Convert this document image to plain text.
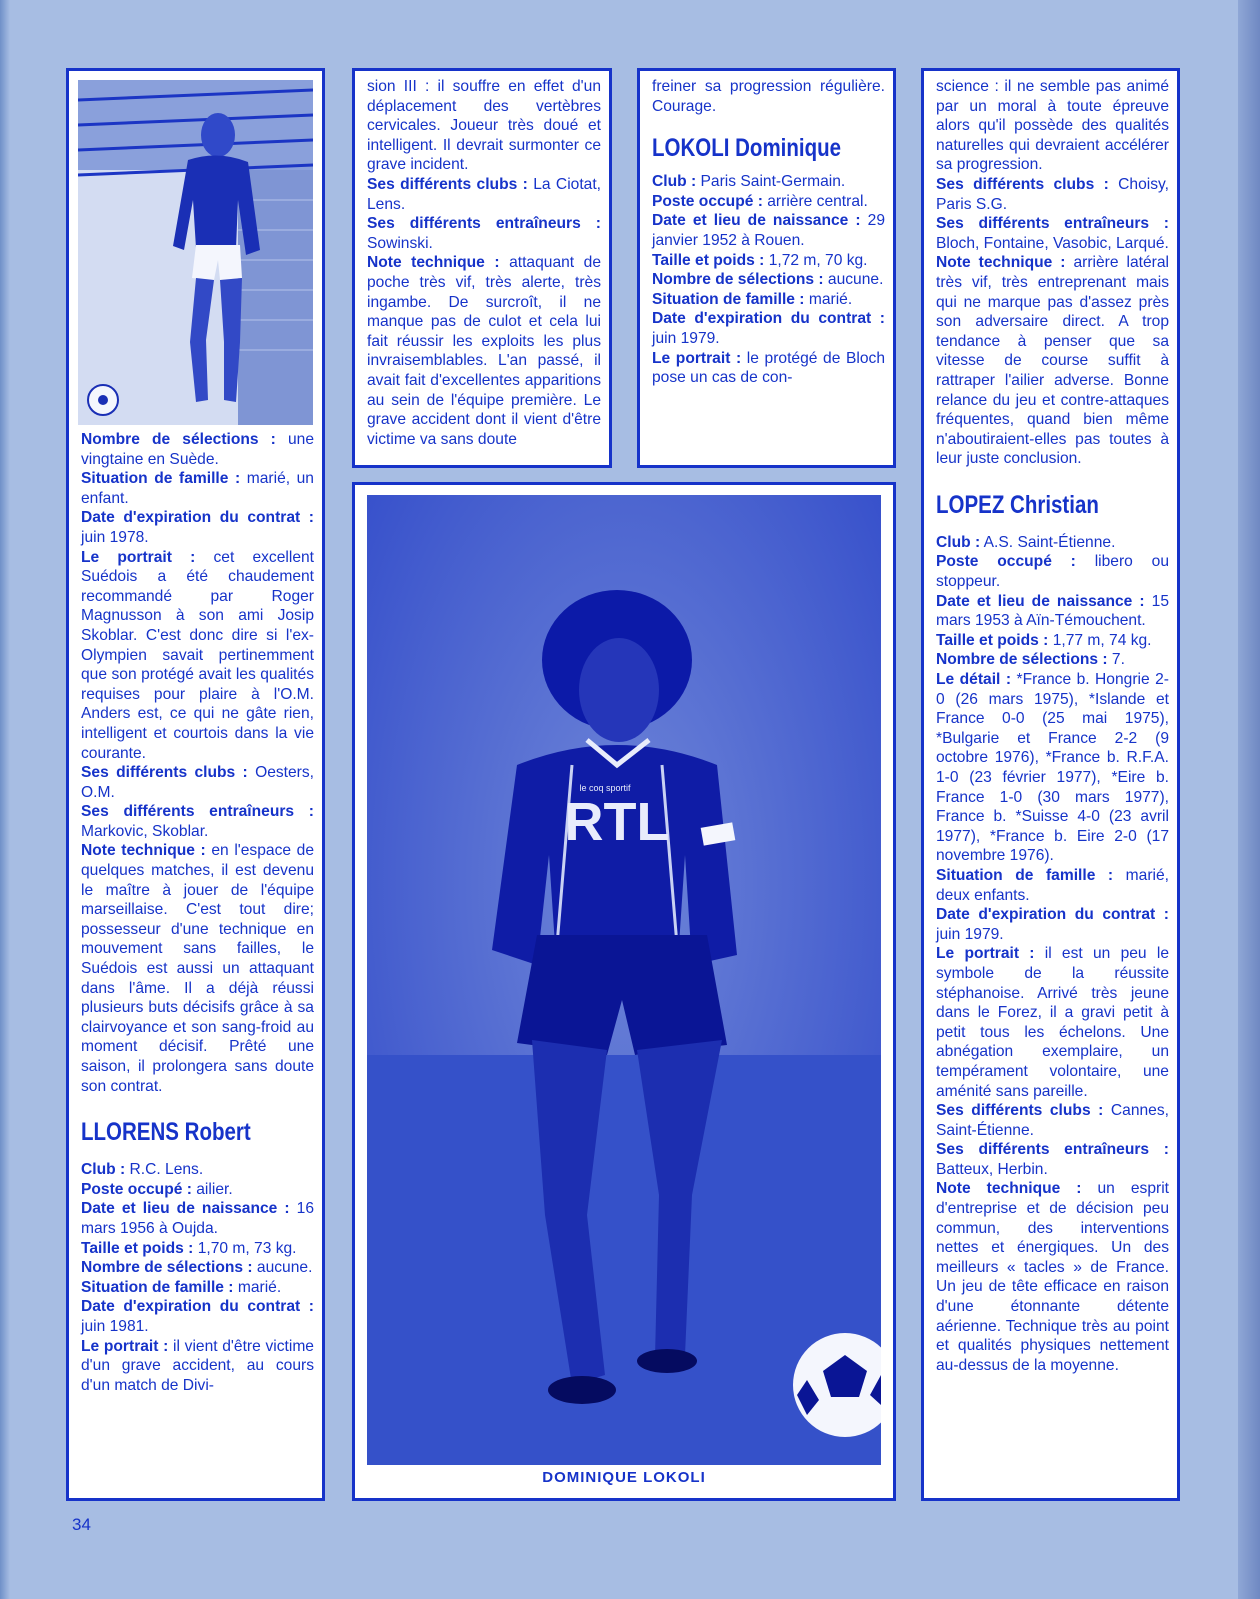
Nombre de sélections : une vingtaine en Suède.

Situation de famille : marié, un enfant.

Date d'expiration du contrat : juin 1978.

Le portrait : cet excellent Suédois a été chaudement recommandé par Roger Magnusson à son ami Josip Skoblar. C'est donc dire si l'ex-Olympien savait pertinemment que son protégé avait les qualités requises pour plaire à l'O.M. Anders est, ce qui ne gâte rien, intelligent et courtois dans la vie courante.

Ses différents clubs : Oesters, O.M.

Ses différents entraîneurs : Markovic, Skoblar.

Note technique : en l'espace de quelques matches, il est devenu le maître à jouer de l'équipe marseillaise. C'est tout dire; possesseur d'une technique en mouvement sans failles, le Suédois est aussi un attaquant dans l'âme. Il a déjà réussi plusieurs buts décisifs grâce à sa clairvoyance et son sang-froid au moment décisif. Prêté une saison, il prolongera sans doute son contrat.

LLORENS Robert

Club : R.C. Lens.

Poste occupé : ailier.

Date et lieu de naissance : 16 mars 1956 à Oujda.

Taille et poids : 1,70 m, 73 kg.

Nombre de sélections : aucune.

Situation de famille : marié.

Date d'expiration du contrat : juin 1981.

Le portrait : il vient d'être victime d'un grave accident, au cours d'un match de Divi-

sion III : il souffre en effet d'un déplacement des vertèbres cervicales. Joueur très doué et intelligent. Il devrait surmonter ce grave incident.

Ses différents clubs : La Ciotat, Lens.

Ses différents entraîneurs : Sowinski.

Note technique : attaquant de poche très vif, très alerte, très ingambe. De surcroît, il ne manque pas de culot et cela lui fait réussir les exploits les plus invraisemblables. L'an passé, il avait fait d'excellentes apparitions au sein de l'équipe première. Le grave accident dont il vient d'être victime va sans doute

freiner sa progression régulière. Courage.

LOKOLI Dominique

Club : Paris Saint-Germain.

Poste occupé : arrière central.

Date et lieu de naissance : 29 janvier 1952 à Rouen.

Taille et poids : 1,72 m, 70 kg.

Nombre de sélections : aucune.

Situation de famille : marié.

Date d'expiration du contrat : juin 1979.

Le portrait : le protégé de Bloch pose un cas de con-

RTL
le coq sportif
DOMINIQUE LOKOLI

science : il ne semble pas animé par un moral à toute épreuve alors qu'il possède des qualités naturelles qui devraient accélérer sa progression.

Ses différents clubs : Choisy, Paris S.G.

Ses différents entraîneurs : Bloch, Fontaine, Vasobic, Larqué.

Note technique : arrière latéral très vif, très entreprenant mais qui ne marque pas d'assez près son adversaire direct. A trop tendance à penser que sa vitesse de course suffit à rattraper l'ailier adverse. Bonne relance du jeu et contre-attaques fréquentes, quand bien même n'aboutiraient-elles pas toutes à leur juste conclusion.

LOPEZ Christian

Club : A.S. Saint-Étienne.

Poste occupé : libero ou stoppeur.

Date et lieu de naissance : 15 mars 1953 à Aïn-Témouchent.

Taille et poids : 1,77 m, 74 kg.

Nombre de sélections : 7.

Le détail : *France b. Hongrie 2-0 (26 mars 1975), *Islande et France 0-0 (25 mai 1975), *Bulgarie et France 2-2 (9 octobre 1976), *France b. R.F.A. 1-0 (23 février 1977), *Eire b. France 1-0 (30 mars 1977), France b. *Suisse 4-0 (23 avril 1977), *France b. Eire 2-0 (17 novembre 1976).

Situation de famille : marié, deux enfants.

Date d'expiration du contrat : juin 1979.

Le portrait : il est un peu le symbole de la réussite stéphanoise. Arrivé très jeune dans le Forez, il a gravi petit à petit tous les échelons. Une abnégation exemplaire, un tempérament volontaire, une aménité sans pareille.

Ses différents clubs : Cannes, Saint-Étienne.

Ses différents entraîneurs : Batteux, Herbin.

Note technique : un esprit d'entreprise et de décision peu commun, des interventions nettes et énergiques. Un des meilleurs « tacles » de France. Un jeu de tête efficace en raison d'une étonnante détente aérienne. Technique très au point et qualités physiques nettement au-dessus de la moyenne.

34
